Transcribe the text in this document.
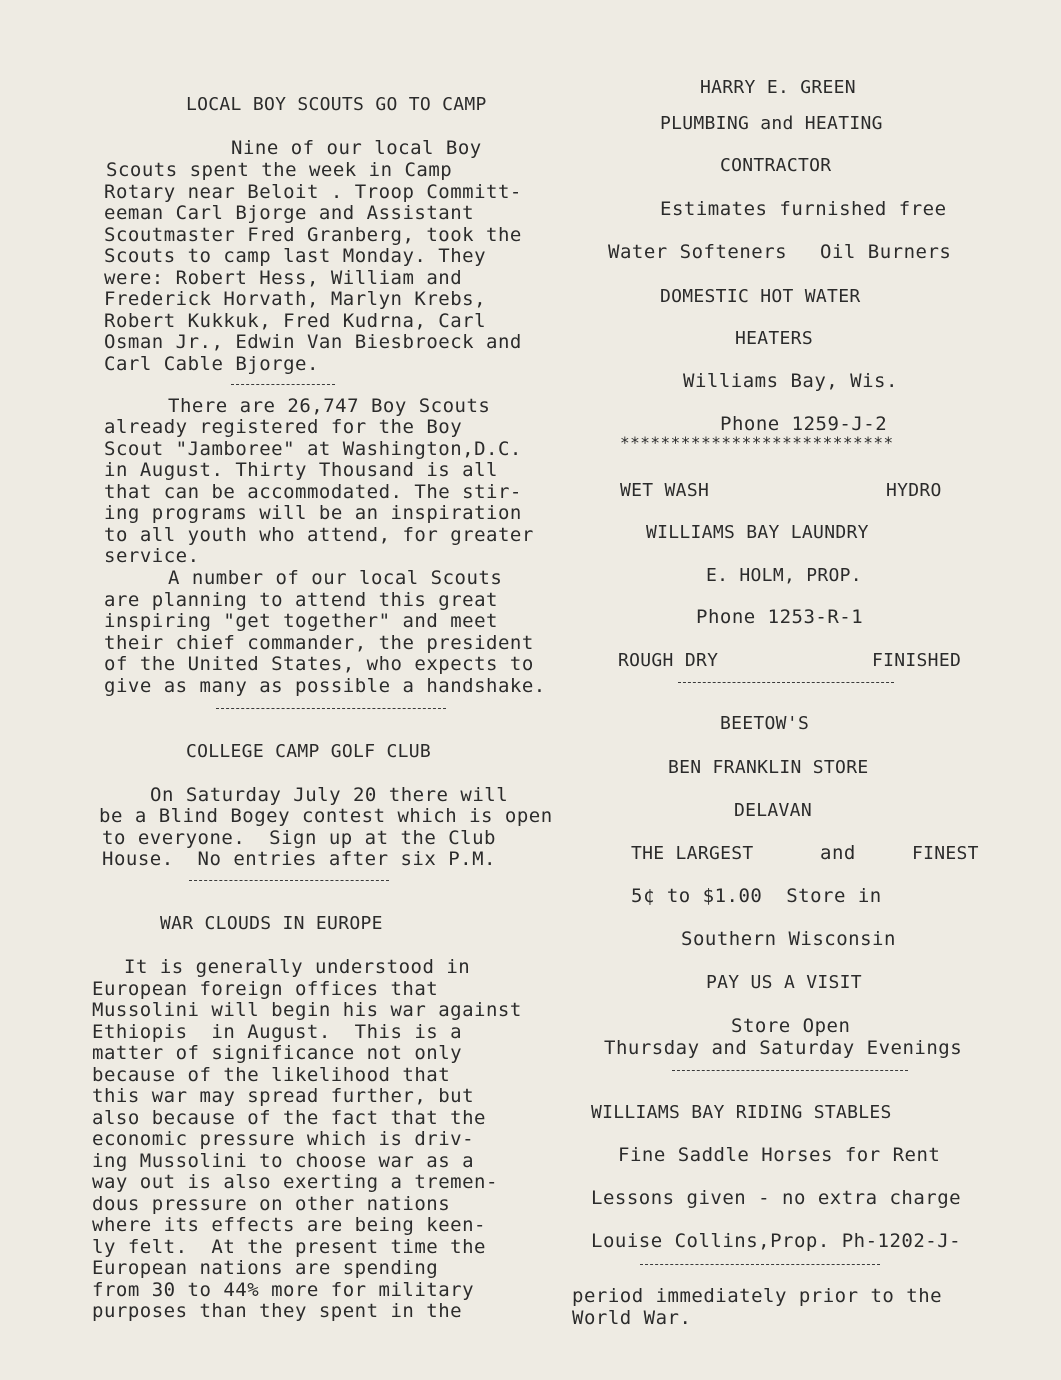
LOCAL BOY SCOUTS GO TO CAMP
Nine of our local Boy
Scouts spent the week in Camp
Rotary near Beloit . Troop Committ-
eeman Carl Bjorge and Assistant
Scoutmaster Fred Granberg, took the
Scouts to camp last Monday. They
were: Robert Hess, William and
Frederick Horvath, Marlyn Krebs,
Robert Kukkuk, Fred Kudrna, Carl
Osman Jr., Edwin Van Biesbroeck and
Carl Cable Bjorge.
There are 26,747 Boy Scouts
already registered for the Boy
Scout "Jamboree" at Washington,D.C.
in August. Thirty Thousand is all
that can be accommodated. The stir-
ing programs will be an inspiration
to all youth who attend, for greater
service.
A number of our local Scouts
are planning to attend this great
inspiring "get together" and meet
their chief commander, the president
of the United States, who expects to
give as many as possible a handshake.
COLLEGE CAMP GOLF CLUB
On Saturday July 20 there will
be a Blind Bogey contest which is open
to everyone.  Sign up at the Club
House.  No entries after six P.M.
WAR CLOUDS IN EUROPE
It is generally understood in
European foreign offices that
Mussolini will begin his war against
Ethiopis  in August.  This is a
matter of significance not only
because of the likelihood that
this war may spread further, but
also because of the fact that the
economic pressure which is driv-
ing Mussolini to choose war as a
way out is also exerting a tremen-
dous pressure on other nations
where its effects are being keen-
ly felt.  At the present time the
European nations are spending
from 30 to 44% more for military
purposes than they spent in the
HARRY E. GREEN
PLUMBING and HEATING
CONTRACTOR
Estimates furnished free
Water Softeners Oil Burners
DOMESTIC HOT WATER
HEATERS
Williams Bay, Wis.
Phone 1259-J-2
***************************
WET WASH	HYDRO
WILLIAMS BAY LAUNDRY
E. HOLM, PROP.
Phone 1253-R-1
ROUGH DRY	FINISHED
BEETOW'S
BEN FRANKLIN STORE
DELAVAN
THE LARGEST	and	FINEST
5¢ to $1.00  Store in
Southern Wisconsin
PAY US A VISIT
Store Open
Thursday and Saturday Evenings
WILLIAMS BAY RIDING STABLES
Fine Saddle Horses for Rent
Lessons given - no extra charge
Louise Collins,Prop. Ph-1202-J-
period immediately prior to the
World War.
